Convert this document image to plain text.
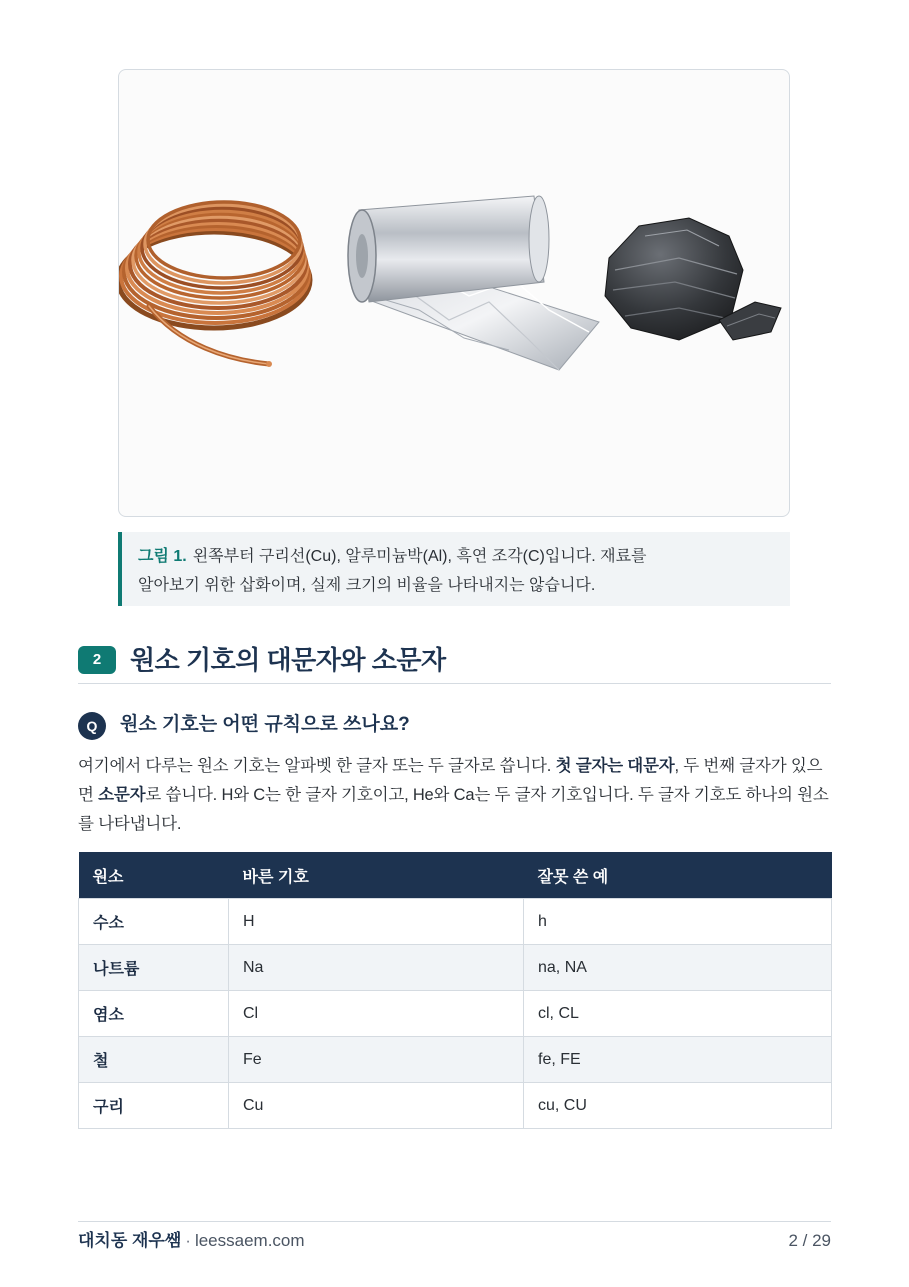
그림 1. 왼쪽부터 구리선(Cu), 알루미늄박(Al), 흑연 조각(C)입니다. 재료를
알아보기 위한 삽화이며, 실제 크기의 비율을 나타내지는 않습니다.
2	원소 기호의 대문자와 소문자
Q	원소 기호는 어떤 규칙으로 쓰나요?
여기에서 다루는 원소 기호는 알파벳 한 글자 또는 두 글자로 씁니다. 첫 글자는 대문자, 두 번째 글자가 있으면 소문자로 씁니다. H와 C는 한 글자 기호이고, He와 Ca는 두 글자 기호입니다. 두 글자 기호도 하나의 원소를 나타냅니다.
원소	바른 기호	잘못 쓴 예
수소	H	h
나트륨	Na	na, NA
염소	Cl	cl, CL
철	Fe	fe, FE
구리	Cu	cu, CU
대치동 재우쌤 · leessaem.com	2 / 29
